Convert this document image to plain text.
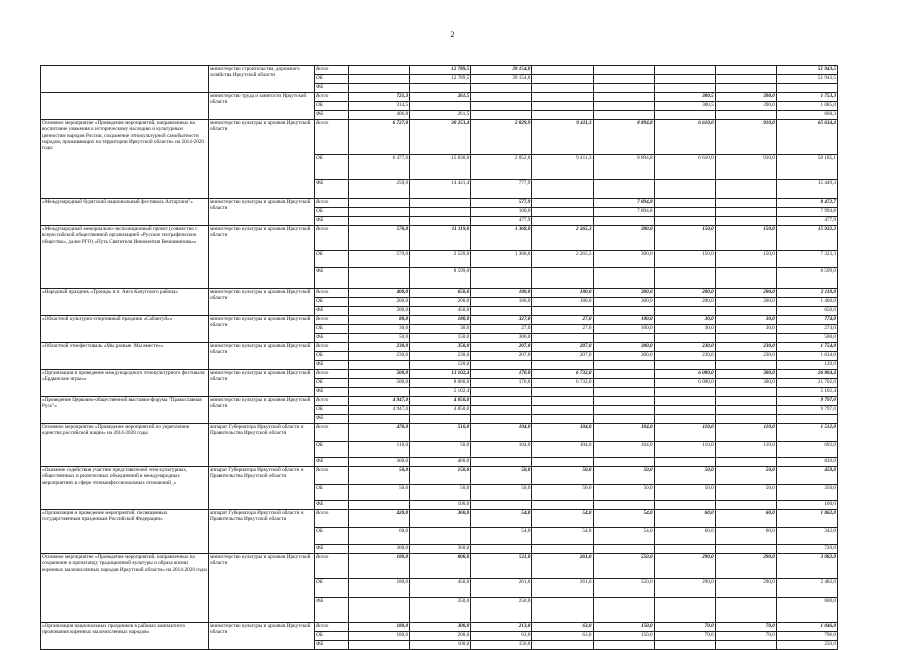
2
	министерство строительства, дорожного хозяйства Иркутской области	Всего		12 789,5	39 154,0					51 943,5
		ОБ		12 789,5	39 154,0					51 943,5
		ФБ								
	министерство труда и занятости Иркутской области	Всего	721,3	261,5				380,5	390,0	1 753,3
		ОБ	314,5					380,5	390,0	1 085,0
		ФБ	406,8	261,5						668,3
Основное мероприятие «Проведение мероприятий, направленных на воспитание уважения к историческому наследию и культурным ценностям народов России, сохранение этнокультурной самобытности народов, проживающих на территории Иркутской области» на 2014-2020 годы	министерство культуры и архивов Иркутской области	Всего	6 727,0	30 253,4	2 829,9	9 411,3	8 894,8	6 610,0	910,0	65 634,4
		ОБ	6 477,0	15 830,0	2 052,0	9 411,3	8 894,8	6 610,0	910,0	50 185,1
		ФБ	250,0	14 421,4	777,9					15 449,3
«Международный бурятский национальный фестиваль Алтаргана"»	министерство культуры и архивов Иркутской области	Всего			577,9		7 894,8			8 472,7
		ОБ			100,0		7 894,8			7 994,8
		ФБ			477,9					477,9
«Международный мемориально-экспозиционный проект (совместно с всероссийской общественной организацией «Русское географическое общество», далее РГО) «Путь Святителя Иннокентия Вениаминова»»	министерство культуры и архивов Иркутской области	Всего	570,0	11 119,0	1 368,0	2 265,3	300,0	150,0	150,0	15 922,3
		ОБ	570,0	2 520,0	1 368,0	2 265,3	300,0	150,0	150,0	7 323,3
		ФБ		8 599,0						8 599,0
«Народный праздник «Троица» в п. Анга Качугского района»	министерство культуры и архивов Иркутской области	Всего	400,0	650,0	180,0	180,0	300,0	200,0	200,0	2 110,0
		ОБ	200,0	200,0	180,0	180,0	300,0	200,0	200,0	1 460,0
		ФБ	200,0	450,0						650,0
«Областной культурно-спортивный праздник «Сабантуй»»	министерство культуры и архивов Иркутской области	Всего	80,0	180,0	327,0	27,0	100,0	30,0	30,0	774,0
		ОБ	30,0	30,0	27,0	27,0	100,0	30,0	30,0	274,0
		ФБ	50,0	150,0	300,0					500,0
«Областной этнофестиваль «Мы разные. Мы вместе»»	министерство культуры и архивов Иркутской области	Всего	230,0	350,0	207,0	207,0	300,0	230,0	230,0	1 754,0
		ОБ	230,0	230,0	207,0	207,0	300,0	230,0	230,0	1 634,0
		ФБ		120,0						120,0
«Организация и проведение международного этнокультурного фестиваля «Ердынские игры»»	министерство культуры и архивов Иркутской области	Всего	500,0	13 102,4	170,0	6 732,0		6 000,0	300,0	26 804,4
		ОБ	500,0	8 000,0	170,0	6 732,0		6 000,0	300,0	21 702,0
		ФБ		5 102,4						5 102,4
«Проведение Церковно-общественной выставки-форума "Православная Русь"»	министерство культуры и архивов Иркутской области	Всего	4 947,0	4 850,0						9 797,0
		ОБ	4 947,0	4 850,0						9 797,0
		ФБ								
Основное мероприятие «Проведение мероприятий по укреплению единства российской нации» на 2014-2020 годы	аппарат Губернатора Иркутской области и Правительства Иркутской области	Всего	470,0	510,0	104,0	104,0	104,0	110,0	110,0	1 512,0
		ОБ	110,0	50,0	104,0	104,0	104,0	110,0	110,0	692,0
		ФБ	360,0	460,0						820,0
«Оказание содействия участию представителей этно-культурных, общественных и религиозных объединений в международных мероприятиях в сфере этноконфессиональных отношений_»	аппарат Губернатора Иркутской области и Правительства Иркутской области	Всего	50,0	150,0	50,0	50,0	50,0	50,0	50,0	450,0
		ОБ	50,0	50,0	50,0	50,0	50,0	50,0	50,0	350,0
		ФБ		100,0						100,0
«Организация и проведение мероприятий, посвященных государственным праздникам Российской Федерации»	аппарат Губернатора Иркутской области и Правительства Иркутской области	Всего	420,0	360,0	54,0	54,0	54,0	60,0	60,0	1 062,0
		ОБ	60,0		54,0	54,0	54,0	60,0	60,0	342,0
		ФБ	360,0	360,0						720,0
Основное мероприятие «Проведение мероприятий, направленных на сохранение и пропаганду традиционной культуры и образа жизни коренных малочисленных народов Иркутской области» на 2014-2020 годы	министерство культуры и архивов Иркутской области	Всего	180,0	800,0	511,0	261,0	550,0	290,0	290,0	3 082,0
		ОБ	180,0	450,0	261,0	261,0	550,0	290,0	290,0	2 482,0
		ФБ		350,0	250,0					600,0
«Организация национальных праздников в районах компактного проживания коренных малочисленных народов»	министерство культуры и архивов Иркутской области	Всего	180,0	300,0	213,0	63,0	150,0	70,0	70,0	1 046,0
		ОБ	180,0	200,0	63,0	63,0	150,0	70,0	70,0	796,0
		ФБ		100,0	150,0					250,0
